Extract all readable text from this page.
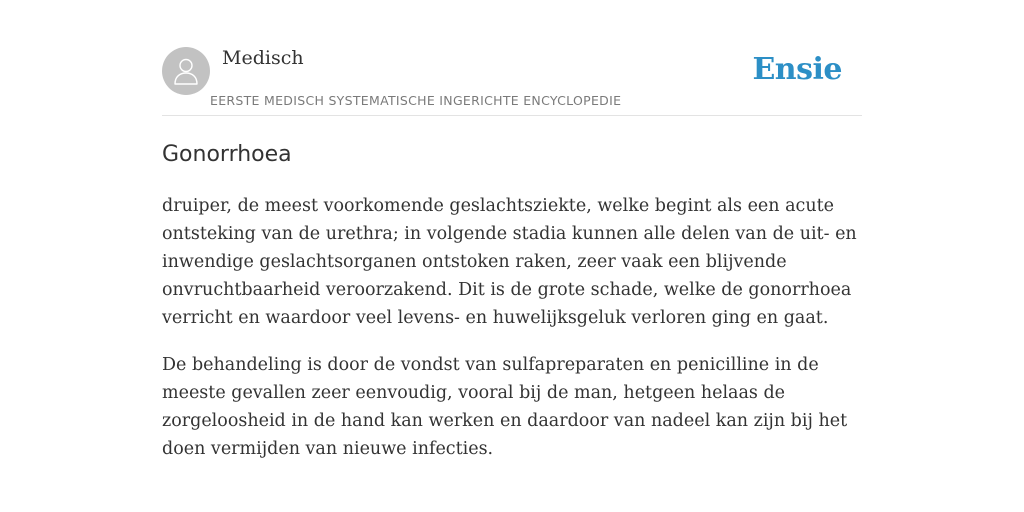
Medisch
EERSTE MEDISCH SYSTEMATISCHE INGERICHTE ENCYCLOPEDIE
Ensie
Gonorrhoea

druiper, de meest voorkomende geslachtsziekte, welke begint als een acute
ontsteking van de urethra; in volgende stadia kunnen alle delen van de uit- en
inwendige geslachtsorganen ontstoken raken, zeer vaak een blijvende
onvruchtbaarheid veroorzakend. Dit is de grote schade, welke de gonorrhoea
verricht en waardoor veel levens- en huwelijksgeluk verloren ging en gaat.

De behandeling is door de vondst van sulfapreparaten en penicilline in de
meeste gevallen zeer eenvoudig, vooral bij de man, hetgeen helaas de
zorgeloosheid in de hand kan werken en daardoor van nadeel kan zijn bij het
doen vermijden van nieuwe infecties.
